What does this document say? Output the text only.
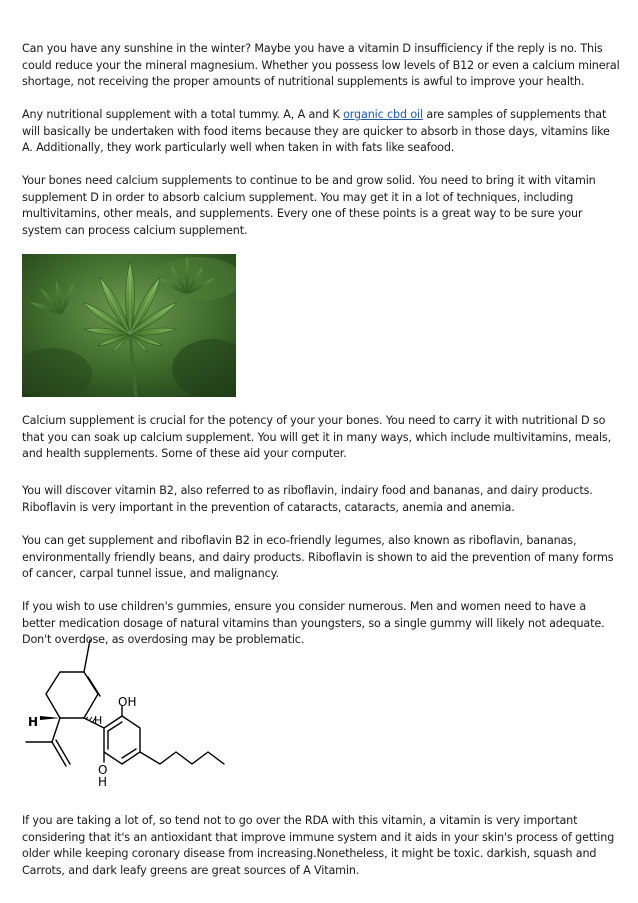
Can you have any sunshine in the winter? Maybe you have a vitamin D insufficiency if the reply is no. This could reduce your the mineral magnesium. Whether you possess low levels of B12 or even a calcium mineral shortage, not receiving the proper amounts of nutritional supplements is awful to improve your health.

Any nutritional supplement with a total tummy. A, A and K organic cbd oil are samples of supplements that will basically be undertaken with food items because they are quicker to absorb in those days, vitamins like A. Additionally, they work particularly well when taken in with fats like seafood.

Your bones need calcium supplements to continue to be and grow solid. You need to bring it with vitamin supplement D in order to absorb calcium supplement. You may get it in a lot of techniques, including multivitamins, other meals, and supplements. Every one of these points is a great way to be sure your system can process calcium supplement.

Calcium supplement is crucial for the potency of your your bones. You need to carry it with nutritional D so that you can soak up calcium supplement. You will get it in many ways, which include multivitamins, meals, and health supplements. Some of these aid your computer.

You will discover vitamin B2, also referred to as riboflavin, indairy food and bananas, and dairy products. Riboflavin is very important in the prevention of cataracts, cataracts, anemia and anemia.

You can get supplement and riboflavin B2 in eco-friendly legumes, also known as riboflavin, bananas, environmentally friendly beans, and dairy products. Riboflavin is shown to aid the prevention of many forms of cancer, carpal tunnel issue, and malignancy.

If you wish to use children's gummies, ensure you consider numerous. Men and women need to have a better medication dosage of natural vitamins than youngsters, so a single gummy will likely not adequate. Don't overdose, as overdosing may be problematic.

OH
H	H
O
H

If you are taking a lot of, so tend not to go over the RDA with this vitamin, a vitamin is very important considering that it's an antioxidant that improve immune system and it aids in your skin's process of getting older while keeping coronary disease from increasing.Nonetheless, it might be toxic. darkish, squash and Carrots, and dark leafy greens are great sources of A Vitamin.
